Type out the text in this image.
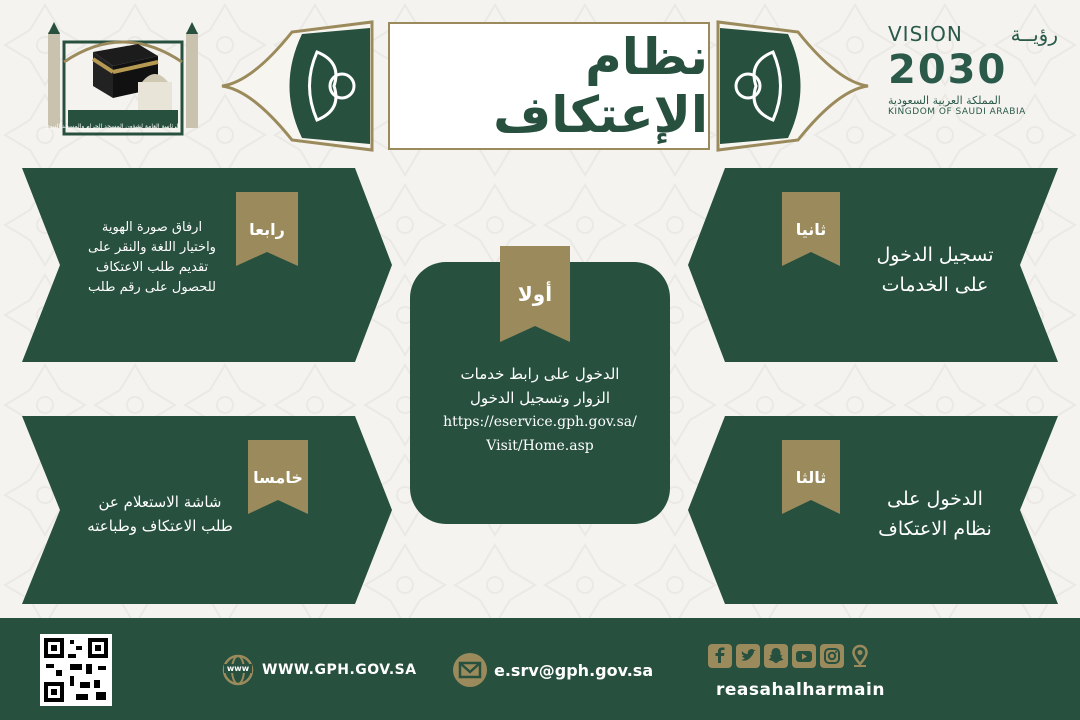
الرئاسة العامة لشؤون المسجد الحرام والمسجد النبوي
نظام الإعتكاف
VISION رؤيــة
2030
المملكة العربية السعودية
KINGDOM OF SAUDI ARABIA
رابعا
خامسا
ثانيا
ثالثا
أولا
ارفاق صورة الهوية
واختيار اللغة والنقر على
تقديم طلب الاعتكاف
للحصول على رقم طلب
شاشة الاستعلام عن
طلب الاعتكاف وطباعته
تسجيل الدخول
على الخدمات
الدخول على
نظام الاعتكاف
الدخول على رابط خدمات
الزوار وتسجيل الدخول
https://eservice.gph.gov.sa/
Visit/Home.asp
www WWW.GPH.GOV.SA	e.srv@gph.gov.sa
reasahalharmain
